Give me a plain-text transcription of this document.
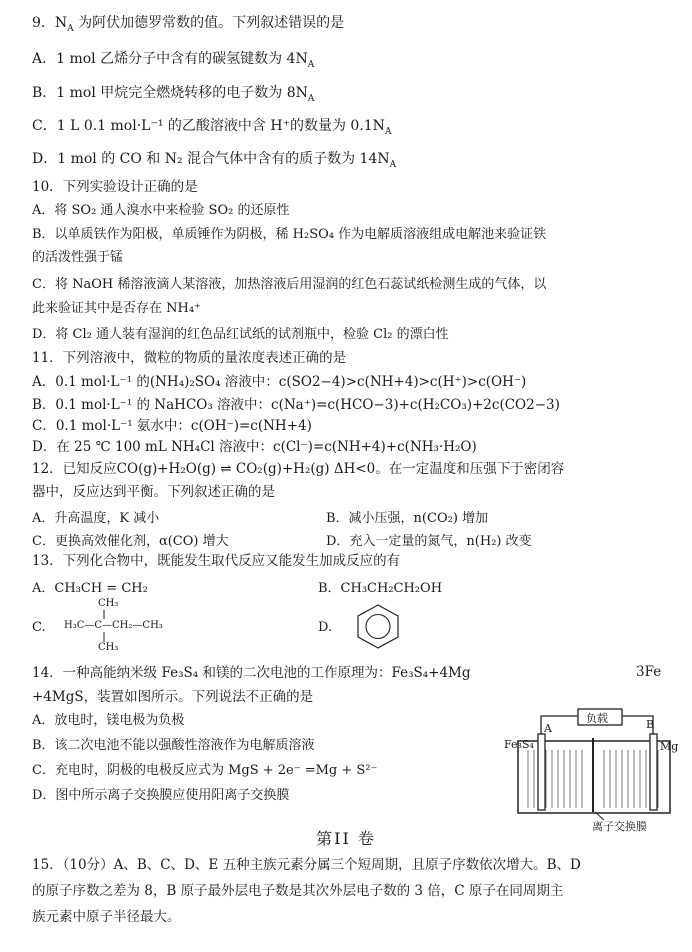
9．$N_A$ 为阿伏加德罗常数的值。下列叙述错误的是
A．1 mol 乙烯分子中含有的碳氢键数为 $4N_A$
B．1 mol 甲烷完全燃烧转移的电子数为 $8N_A$
C．1 L 0.1 mol·L⁻¹ 的乙酸溶液中含 H⁺的数量为 $0.1N_A$
D．1 mol 的 CO 和 N₂ 混合气体中含有的质子数为 $14N_A$
10．下列实验设计正确的是
A．将 SO₂ 通人溴水中来检验 SO₂ 的还原性
B．以单质铁作为阳极，单质锤作为阴极，稀 H₂SO₄ 作为电解质溶液组成电解池来验证铁
的活泼性强于锰
C．将 NaOH 稀溶液滴人某溶液，加热溶液后用湿润的红色石蕊试纸检测生成的气体，以
此来验证其中是否存在 NH₄⁺
D．将 Cl₂ 通人装有湿润的红色品红试纸的试剂瓶中，检验 Cl₂ 的漂白性
11．下列溶液中，微粒的物质的量浓度表述正确的是
A．0.1 mol·L⁻¹ 的(NH₄)₂SO₄ 溶液中：c(SO2−4)>c(NH+4)>c(H⁺)>c(OH⁻)
B．0.1 mol·L⁻¹ 的 NaHCO₃ 溶液中：c(Na⁺)=c(HCO−3)+c(H₂CO₃)+2c(CO2−3)
C．0.1 mol·L⁻¹ 氨水中：c(OH⁻)=c(NH+4)
D．在 25 ℃ 100 mL NH₄Cl 溶液中：c(Cl⁻)=c(NH+4)+c(NH₃·H₂O)
12．已知反应CO(g)+H₂O(g) ⇌ CO₂(g)+H₂(g) ΔH<0。在一定温度和压强下于密闭容
器中，反应达到平衡。下列叙述正确的是
A．升高温度，K 减小	B．减小压强，n(CO₂) 增加
C．更换高效催化剂，α(CO) 增大	D．充入一定量的氮气，n(H₂) 改变
13．下列化合物中，既能发生取代反应又能发生加成反应的有
A．CH₃CH = CH₂	B．CH₃CH₂CH₂OH
C.
CH₃
H₃C—C—CH₂—CH₃
CH₃
D.
14．一种高能纳米级 Fe₃S₄ 和镁的二次电池的工作原理为：Fe₃S₄+4Mg	3Fe
+4MgS，装置如图所示。下列说法不正确的是
A．放电时，镁电极为负极
B．该二次电池不能以强酸性溶液作为电解质溶液
C．充电时，阴极的电极反应式为 MgS + 2e⁻ =Mg + S²⁻
D．图中所示离子交换膜应使用阳离子交换膜
负载
A	B
Fe₃S₄	Mg
离子交换膜
第II 卷
15．（10分）A、B、C、D、E 五种主族元素分属三个短周期，且原子序数依次增大。B、D
的原子序数之差为 8，B 原子最外层电子数是其次外层电子数的 3 倍，C 原子在同周期主
族元素中原子半径最大。
